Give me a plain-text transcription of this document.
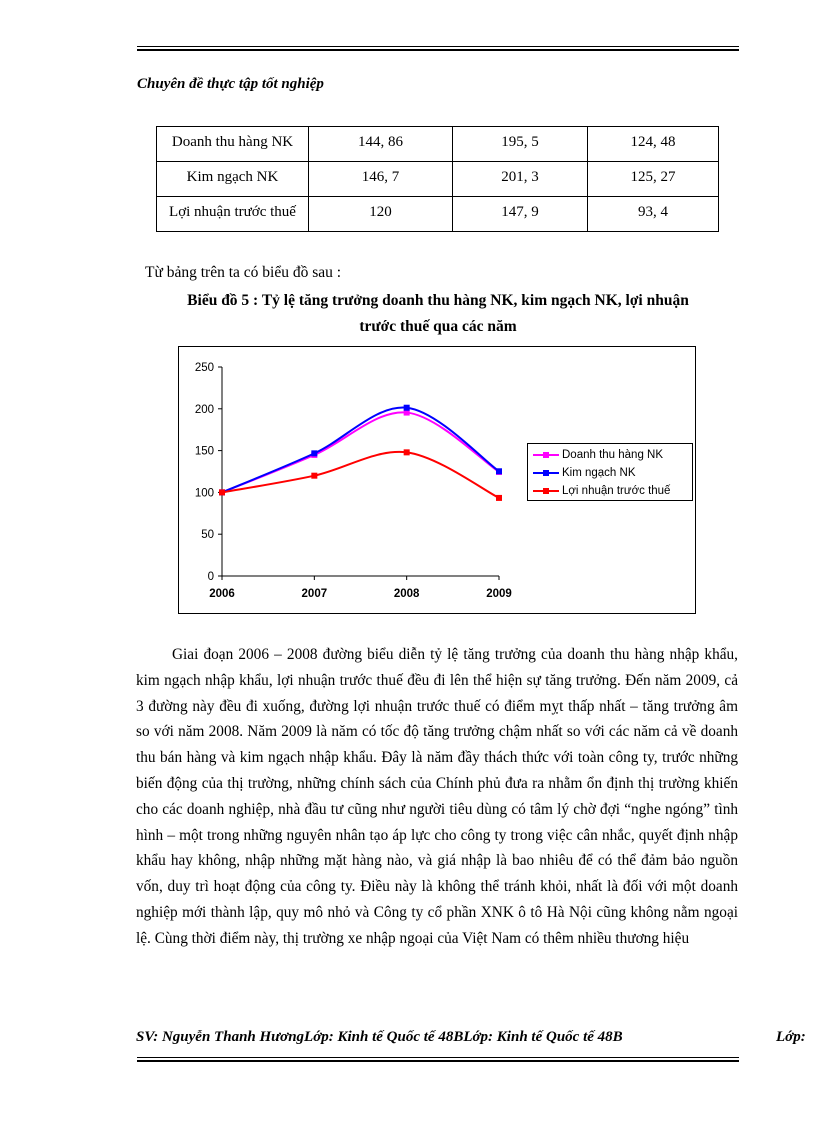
Chuyên đề thực tập tốt nghiệp
Doanh thu hàng NK	144, 86	195, 5	124, 48
Kim ngạch NK	146, 7	201, 3	125, 27
Lợi nhuận trước thuế	120	147, 9	93, 4
Từ bảng trên ta có biểu đồ sau :
Biểu đồ 5 : Tỷ lệ tăng trưởng doanh thu hàng NK, kim ngạch NK, lợi nhuận
trước thuế qua các năm
0
50
100
150
200
250
2006	2007	2008	2009
Doanh thu hàng NK
Kim ngạch NK
Lợi nhuận trước thuế

Giai đoạn 2006 – 2008 đường biểu diễn tỷ lệ tăng trưởng của doanh thu hàng nhập khẩu, kim ngạch nhập khẩu, lợi nhuận trước thuế đều đi lên thể hiện sự tăng trưởng. Đến năm 2009, cả 3 đường này đều đi xuống, đường lợi nhuận trước thuế có điểm mỵt thấp nhất – tăng trưởng âm so với năm 2008. Năm 2009 là năm có tốc độ tăng trưởng chậm nhất so với các năm cả về doanh thu bán hàng và kim ngạch nhập khẩu. Đây là năm đầy thách thức với toàn công ty, trước những biến động của thị trường, những chính sách của Chính phủ đưa ra nhằm ổn định thị trường khiến cho các doanh nghiệp, nhà đầu tư cũng như người tiêu dùng có tâm lý chờ đợi “nghe ngóng” tình hình – một trong những nguyên nhân tạo áp lực cho công ty trong việc cân nhắc, quyết định nhập khẩu hay không, nhập những mặt hàng nào, và giá nhập là bao nhiêu để có thể đảm bảo nguồn vốn, duy trì hoạt động của công ty. Điều này là không thể tránh khỏi, nhất là đối với một doanh nghiệp mới thành lập, quy mô nhỏ và Công ty cổ phần XNK ô tô Hà Nội cũng không nằm ngoại lệ. Cùng thời điểm này, thị trường xe nhập ngoại của Việt Nam có thêm nhiều thương hiệu

SV: Nguyễn Thanh HươngLớp: Kinh tế Quốc tế 48BLớp: Kinh tế Quốc tế 48B	Lớp:
